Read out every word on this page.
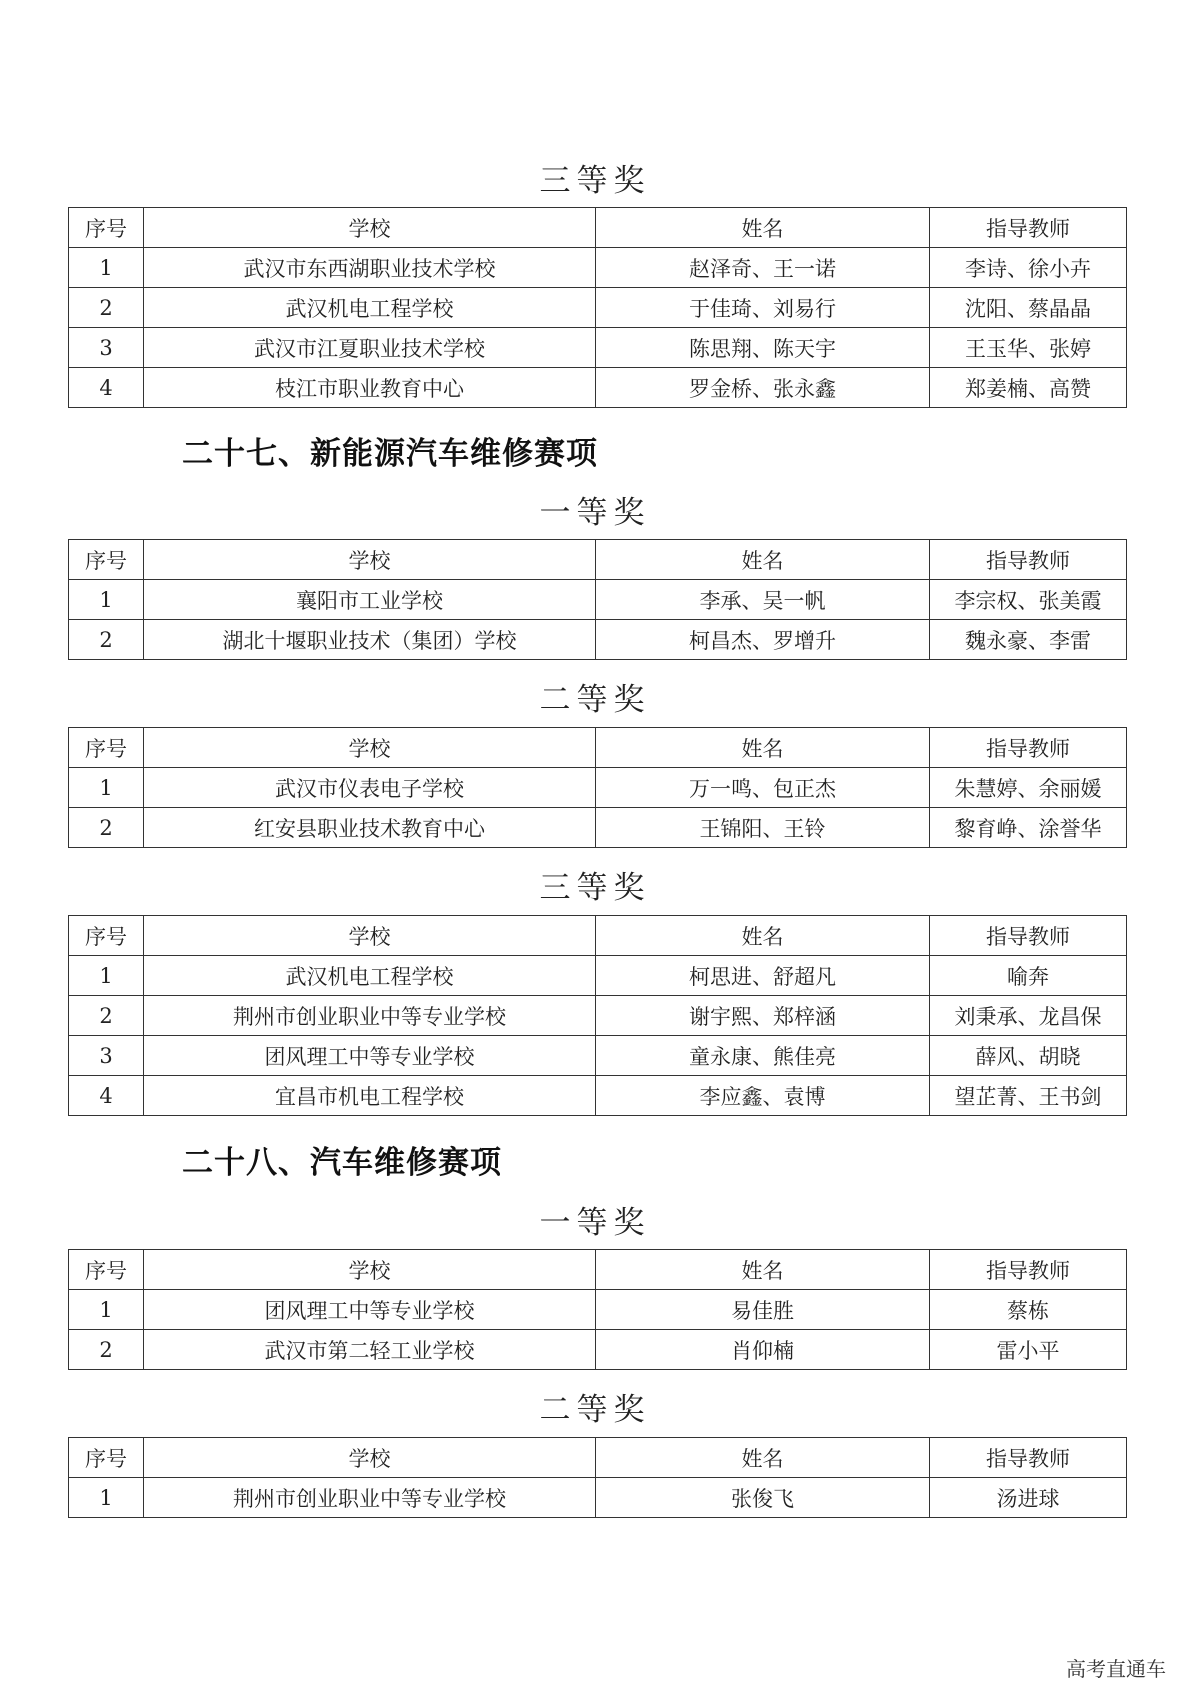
三等奖
序号	学校	姓名	指导教师
1	武汉市东西湖职业技术学校	赵泽奇、王一诺	李诗、徐小卉
2	武汉机电工程学校	于佳琦、刘易行	沈阳、蔡晶晶
3	武汉市江夏职业技术学校	陈思翔、陈天宇	王玉华、张婷
4	枝江市职业教育中心	罗金桥、张永鑫	郑姜楠、高赞
二十七、新能源汽车维修赛项
一等奖
序号	学校	姓名	指导教师
1	襄阳市工业学校	李承、吴一帆	李宗权、张美霞
2	湖北十堰职业技术（集团）学校	柯昌杰、罗增升	魏永豪、李雷
二等奖
序号	学校	姓名	指导教师
1	武汉市仪表电子学校	万一鸣、包正杰	朱慧婷、余丽媛
2	红安县职业技术教育中心	王锦阳、王铃	黎育峥、涂誉华
三等奖
序号	学校	姓名	指导教师
1	武汉机电工程学校	柯思进、舒超凡	喻奔
2	荆州市创业职业中等专业学校	谢宇熙、郑梓涵	刘秉承、龙昌保
3	团风理工中等专业学校	童永康、熊佳亮	薛风、胡晓
4	宜昌市机电工程学校	李应鑫、袁博	望芷菁、王书剑
二十八、汽车维修赛项
一等奖
序号	学校	姓名	指导教师
1	团风理工中等专业学校	易佳胜	蔡栋
2	武汉市第二轻工业学校	肖仰楠	雷小平
二等奖
序号	学校	姓名	指导教师
1	荆州市创业职业中等专业学校	张俊飞	汤进球
高考直通车
